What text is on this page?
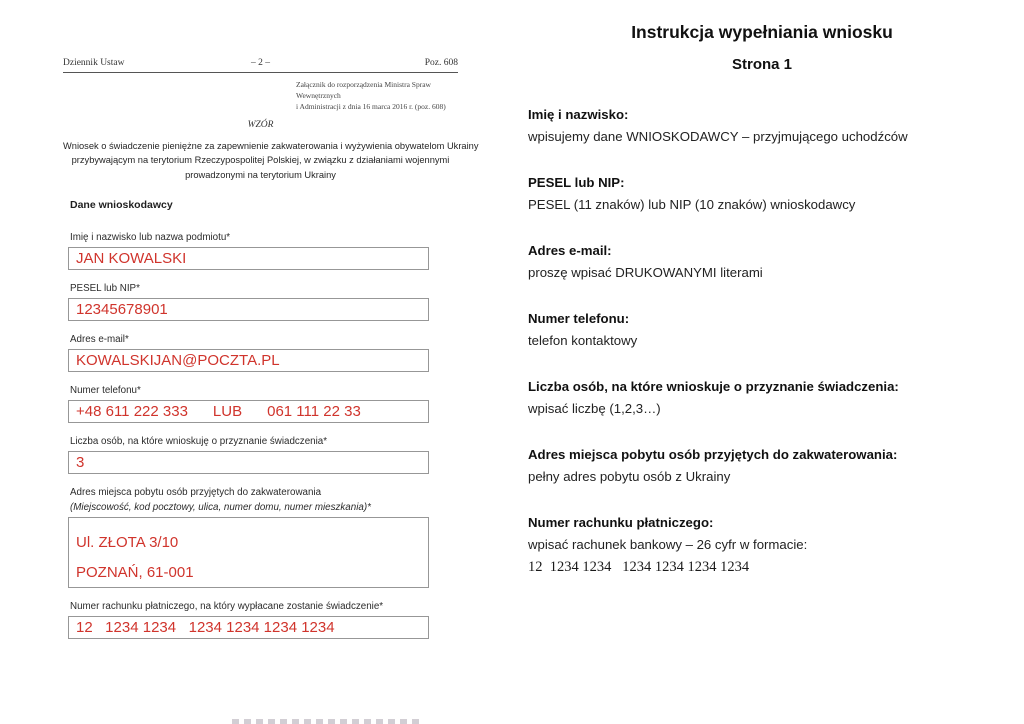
Dziennik Ustaw	– 2 –	Poz. 608
Załącznik do rozporządzenia Ministra Spraw Wewnętrznych
i Administracji z dnia 16 marca 2016 r. (poz. 608)
WZÓR
Wniosek o świadczenie pieniężne za zapewnienie zakwaterowania i wyżywienia obywatelom Ukrainy
przybywającym na terytorium Rzeczypospolitej Polskiej, w związku z działaniami wojennymi
prowadzonymi na terytorium Ukrainy
Dane wnioskodawcy
Imię i nazwisko lub nazwa podmiotu*
JAN KOWALSKI
PESEL lub NIP*
12345678901
Adres e-mail*
KOWALSKIJAN@POCZTA.PL
Numer telefonu*
+48 611 222 333      LUB      061 111 22 33
Liczba osób, na które wnioskuję o przyznanie świadczenia*
3
Adres miejsca pobytu osób przyjętych do zakwaterowania
(Miejscowość, kod pocztowy, ulica, numer domu, numer mieszkania)*
Ul. ZŁOTA 3/10
POZNAŃ, 61-001
Numer rachunku płatniczego, na który wypłacane zostanie świadczenie*
12   1234 1234   1234 1234 1234 1234
Instrukcja wypełniania wniosku
Strona 1
Imię i nazwisko:
wpisujemy dane WNIOSKODAWCY – przyjmującego uchodźców
PESEL lub NIP:
PESEL (11 znaków) lub NIP (10 znaków) wnioskodawcy
Adres e-mail:
proszę wpisać DRUKOWANYMI literami
Numer telefonu:
telefon kontaktowy
Liczba osób, na które wnioskuje o przyznanie świadczenia:
wpisać liczbę (1,2,3…)
Adres miejsca pobytu osób przyjętych do zakwaterowania:
pełny adres pobytu osób z Ukrainy
Numer rachunku płatniczego:
wpisać rachunek bankowy – 26 cyfr w formacie:
12  1234 1234   1234 1234 1234 1234
